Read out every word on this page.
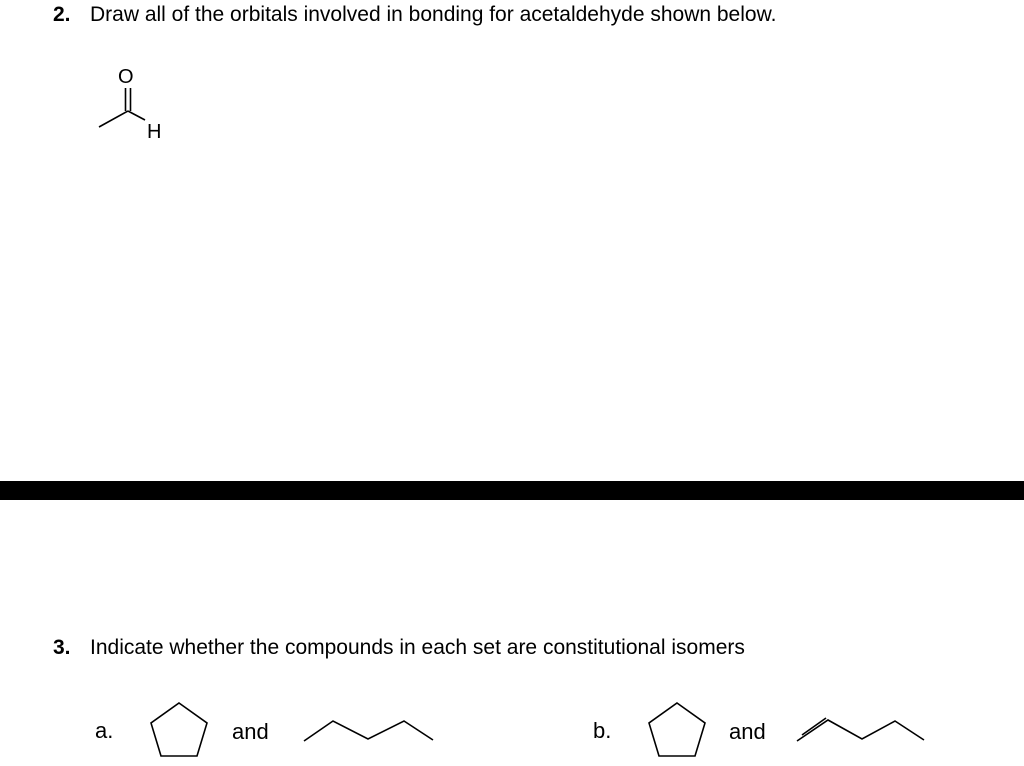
2. Draw all of the orbitals involved in bonding for acetaldehyde shown below.
O
H
3. Indicate whether the compounds in each set are constitutional isomers
a.	and	b.	and
